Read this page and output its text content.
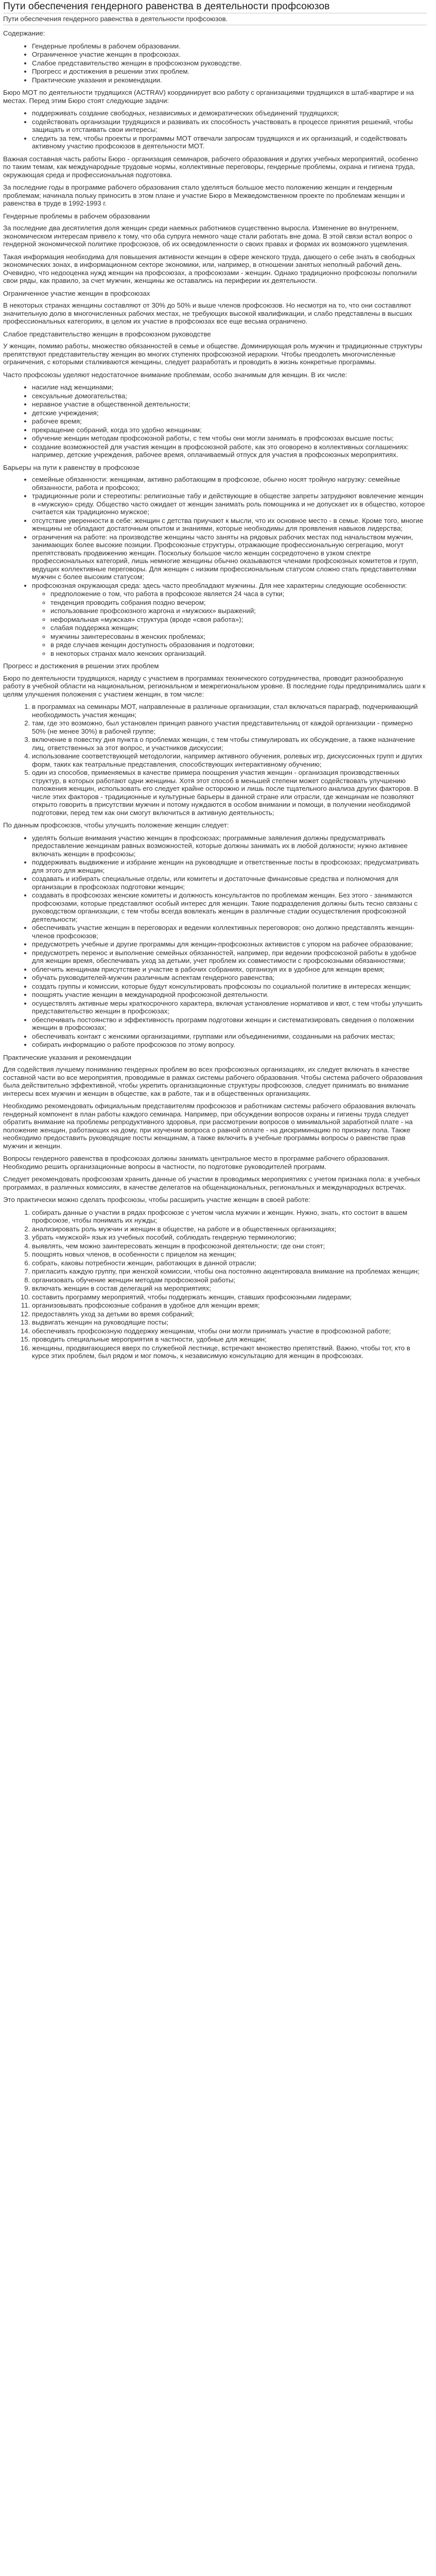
Пути обеспечения гендерного равенства в деятельности профсоюзов
Пути обеспечения гендерного равенства в деятельности профсоюзов.

Содержание:

• Гендерные проблемы в рабочем образовании.
• Ограниченное участие женщин в профсоюзах.
• Слабое представительство женщин в профсоюзном руководстве.
• Прогресс и достижения в решении этих проблем.
• Практические указания и рекомендации.

Бюро МОТ по деятельности трудящихся (ACTRAV) координирует всю работу с организациями трудящихся в штаб-квартире и на местах. Перед этим Бюро стоят следующие задачи:

• поддерживать создание свободных, независимых и демократических объединений трудящихся;
• содействовать организации трудящихся и развивать их способность участвовать в процессе принятия решений, чтобы защищать и отстаивать свои интересы;
• следить за тем, чтобы проекты и программы МОТ отвечали запросам трудящихся и их организаций, и содействовать активному участию профсоюзов в деятельности МОТ.

Важная составная часть работы Бюро - организация семинаров, рабочего образования и других учебных мероприятий, особенно по таким темам, как международные трудовые нормы, коллективные переговоры, гендерные проблемы, охрана и гигиена труда, окружающая среда и профессиональная подготовка.

За последние годы в программе рабочего образования стало уделяться большое место положению женщин и гендерным проблемам; начинала польку приносить в этом плане и участие Бюро в Межведомственном проекте по проблемам женщин и равенства в труде в 1992-1993 г.

Гендерные проблемы в рабочем образовании

За последние два десятилетия доля женщин среди наемных работников существенно выросла. Изменение во внутреннем, экономическом интересам привело к тому, что оба супруга немного чаще стали работать вне дома. В этой связи встал вопрос о гендерной экономической политике профсоюзов, об их осведомленности о своих правах и формах их возможного ущемления.

Такая информация необходима для повышения активности женщин в сфере женского труда, дающего о себе знать в свободных экономических зонах, в информационном секторе экономики, или, например, в отношении занятых неполный рабочий день. Очевидно, что недооценка нужд женщин на профсоюзах, а профсоюзами - женщин. Однако традиционно профсоюзы пополнили свои ряды, как правило, за счет мужчин, женщины же оставались на периферии их деятельности.

Ограниченное участие женщин в профсоюзах

В некоторых странах женщины составляют от 30% до 50% и выше членов профсоюзов. Но несмотря на то, что они составляют значительную долю в многочисленных рабочих местах, не требующих высокой квалификации, и слабо представлены в высших профессиональных категориях, в целом их участие в профсоюзах все еще весьма ограничено.

Слабое представительство женщин в профсоюзном руководстве

У женщин, помимо работы, множество обязанностей в семье и обществе. Доминирующая роль мужчин и традиционные структуры препятствуют представительству женщин во многих ступенях профсоюзной иерархии. Чтобы преодолеть многочисленные ограничения, с которыми сталкиваются женщины, следует разработать и проводить в жизнь конкретные программы.

Часто профсоюзы уделяют недостаточное внимание проблемам, особо значимым для женщин. В их числе:

• насилие над женщинами;
• сексуальные домогательства;
• неравное участие в общественной деятельности;
• детские учреждения;
• рабочее время;
• прекращение собраний, когда это удобно женщинам;
• обучение женщин методам профсоюзной работы, с тем чтобы они могли занимать в профсоюзах высшие посты;
• создание возможностей для участия женщин в профсоюзной работе, как это оговорено в коллективных соглашениях: например, детские учреждения, рабочее время, оплачиваемый отпуск для участия в профсоюзных мероприятиях.
Барьеры на пути к равенству в профсоюзе
• семейные обязанности: женщинам, активно работающим в профсоюзе, обычно носят тройную нагрузку: семейные обязанности, работа и профсоюз;
• традиционные роли и стереотипы: религиозные табу и действующие в обществе запреты затрудняют вовлечение женщин в «мужскую» среду. Общество часто ожидает от женщин занимать роль помощника и не допускает их в общество, которое считается как традиционно мужское;
• отсутствие уверенности в себе: женщин с детства приучают к мысли, что их основное место - в семье. Кроме того, многие женщины не обладают достаточным опытом и знаниями, которые необходимы для проявления навыков лидерства;
• ограничения на работе: на производстве женщины часто заняты на рядовых рабочих местах под начальством мужчин, занимающих более высокие позиции. Профсоюзные структуры, отражающие профессиональную сегрегацию, могут препятствовать продвижению женщин. Поскольку большое число женщин сосредоточено в узком спектре профессиональных категорий, лишь немногие женщины обычно оказываются членами профсоюзных комитетов и групп, ведущих коллективные переговоры. Для женщин с низким профессиональным статусом сложно стать представителями мужчин с более высоким статусом;
• профсоюзная окружающая среда: здесь часто преобладают мужчины. Для нее характерны следующие особенности:
◦ предположение о том, что работа в профсоюзе является 24 часа в сутки;
◦ тенденция проводить собрания поздно вечером;
◦ использование профсоюзного жаргона и «мужских» выражений;
◦ неформальная «мужская» структура (вроде «своя работа»);
◦ слабая поддержка женщин;
◦ мужчины заинтересованы в женских проблемах;
◦ в ряде случаев женщин доступность образования и подготовки;
◦ в некоторых странах мало женских организаций.
Прогресс и достижения в решении этих проблем

Бюро по деятельности трудящихся, наряду с участием в программах технического сотрудничества, проводит разнообразную работу в учебной области на национальном, региональном и межрегиональном уровне. В последние годы предпринимались шаги к целям улучшения положения с участием женщин, в том числе:

1. в программах на семинары МОТ, направленные в различные организации, стал включаться параграф, подчеркивающий необходимость участия женщин;
2. там, где это возможно, был установлен принцип равного участия представительниц от каждой организации - примерно 50% (не менее 30%) в рабочей группе;
3. включение в повестку дня пункта о проблемах женщин, с тем чтобы стимулировать их обсуждение, а также назначение лиц, ответственных за этот вопрос, и участников дискуссии;
4. использование соответствующей методологии, например активного обучения, ролевых игр, дискуссионных групп и других форм, таких как театральные представления, способствующих интерактивному обучению;
5. один из способов, применяемых в качестве примера поощрения участия женщин - организация производственных структур, в которых работают одни женщины. Хотя этот способ в меньшей степени может содействовать улучшению положения женщин, использовать его следует крайне осторожно и лишь после тщательного анализа других факторов. В числе этих факторов - традиционные и культурные барьеры в данной стране или отрасли, где женщинам не позволяют открыто говорить в присутствии мужчин и потому нуждаются в особом внимании и помощи, в получении необходимой подготовки, перед тем как они смогут включиться в активную деятельность;

По данным профсоюзов, чтобы улучшить положение женщин следует:

• уделять больше внимания участию женщин в профсоюзах; программные заявления должны предусматривать предоставление женщинам равных возможностей, которые должны занимать их в любой должности; нужно активнее включать женщин в профсоюзы;
• поддерживать выдвижение и избрание женщин на руководящие и ответственные посты в профсоюзах; предусматривать для этого для женщин;
• создавать и избирать специальные отделы, или комитеты и достаточные финансовые средства и полномочия для организации в профсоюзах подготовки женщин;
• создавать в профсоюзах женские комитеты и должность консультантов по проблемам женщин. Без этого - занимаются профсоюзами, которые представляют особый интерес для женщин. Такие подразделения должны быть тесно связаны с руководством организации, с тем чтобы всегда вовлекать женщин в различные стадии осуществления профсоюзной деятельности;
• обеспечивать участие женщин в переговорах и ведении коллективных переговоров; оно должно представлять женщин-членов профсоюзов;
• предусмотреть учебные и другие программы для женщин-профсоюзных активистов с упором на рабочее образование;
• предусмотреть перенос и выполнение семейных обязанностей, например, при ведении профсоюзной работы в удобное для женщин время, обеспечивать уход за детьми, учет проблем их совместимости с профсоюзными обязанностями;
• облегчить женщинам присутствие и участие в рабочих собраниях, организуя их в удобное для женщин время;
• обучать руководителей-мужчин различным аспектам гендерного равенства;
• создать группы и комиссии, которые будут консультировать профсоюзы по социальной политике в интересах женщин;
• поощрять участие женщин в международной профсоюзной деятельности.
• осуществлять активные меры краткосрочного характера, включая установление нормативов и квот, с тем чтобы улучшить представительство женщин в профсоюзах;
• обеспечивать постоянство и эффективность программ подготовки женщин и систематизировать сведения о положении женщин в профсоюзах;
• обеспечивать контакт с женскими организациями, группами или объединениями, созданными на рабочих местах;
• собирать информацию о работе профсоюзов по этому вопросу.
Практические указания и рекомендации

Для содействия лучшему пониманию гендерных проблем во всех профсоюзных организациях, их следует включать в качестве составной части во все мероприятия, проводимые в рамках системы рабочего образования. Чтобы система рабочего образования была действительно эффективной, чтобы укрепить организационные структуры профсоюзов, следует принимать во внимание интересы всех мужчин и женщин в обществе, как в работе, так и в общественных организациях.

Необходимо рекомендовать официальным представителям профсоюзов и работникам системы рабочего образования включать гендерный компонент в план работы каждого семинара. Например, при обсуждении вопросов охраны и гигиены труда следует обратить внимание на проблемы репродуктивного здоровья, при рассмотрении вопросов о минимальной заработной плате - на положение женщин, работающих на дому, при изучении вопроса о равной оплате - на дискриминацию по признаку пола. Также необходимо предоставить руководящие посты женщинам, а также включить в учебные программы вопросы о равенстве прав мужчин и женщин.

Вопросы гендерного равенства в профсоюзах должны занимать центральное место в программе рабочего образования. Необходимо решить организационные вопросы в частности, по подготовке руководителей программ.

Следует рекомендовать профсоюзам хранить данные об участии в проводимых мероприятиях с учетом признака пола: в учебных программах, в различных комиссиях, в качестве делегатов на общенациональных, региональных и международных встречах.

Это практически можно сделать профсоюзы, чтобы расширить участие женщин в своей работе:

1. собирать данные о участии в рядах профсоюзе с учетом числа мужчин и женщин. Нужно, знать, кто состоит в вашем профсоюзе, чтобы понимать их нужды;
2. анализировать роль мужчин и женщин в обществе, на работе и в общественных организациях;
3. убрать «мужской» язык из учебных пособий, соблюдать гендерную терминологию;
4. выявлять, чем можно заинтересовать женщин в профсоюзной деятельности; где они стоят;
5. поощрять новых членов, в особенности с прицелом на женщин;
6. собрать, каковы потребности женщин, работающих в данной отрасли;
7. пригласить каждую группу, при женской комиссии, чтобы она постоянно акцентировала внимание на проблемах женщин;
8. организовать обучение женщин методам профсоюзной работы;
9. включать женщин в состав делегаций на мероприятиях;
10. составить программу мероприятий, чтобы поддержать женщин, ставших профсоюзными лидерами;
11. организовывать профсоюзные собрания в удобное для женщин время;
12. предоставлять уход за детьми во время собраний;
13. выдвигать женщин на руководящие посты;
14. обеспечивать профсоюзную поддержку женщинам, чтобы они могли принимать участие в профсоюзной работе;
15. проводить специальные мероприятия в частности, удобные для женщин;
16. женщины, продвигающиеся вверх по служебной лестнице, встречают множество препятствий. Важно, чтобы тот, кто в курсе этих проблем, был рядом и мог помочь, к независимую консультацию для женщин в профсоюзах.
